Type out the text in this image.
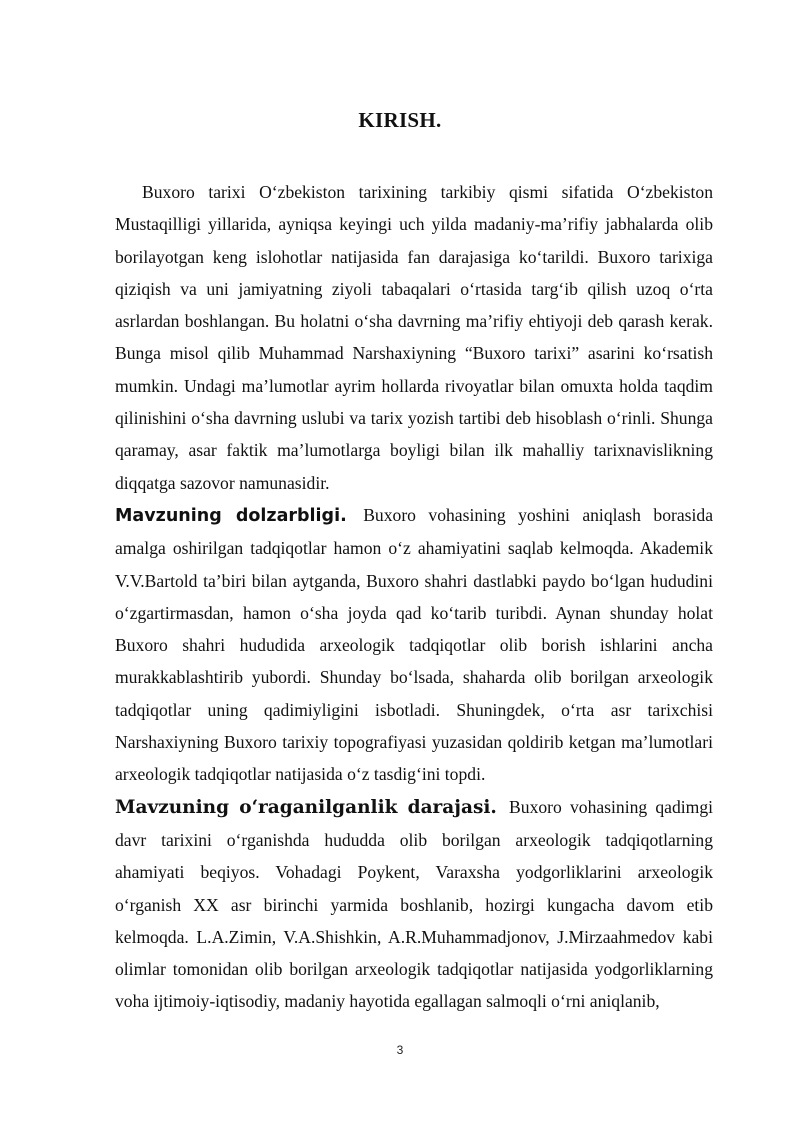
KIRISH.

Buxoro tarixi O‘zbekiston tarixining tarkibiy qismi sifatida O‘zbekiston Mustaqilligi yillarida, ayniqsa keyingi uch yilda madaniy-ma’rifiy jabhalarda olib borilayotgan keng islohotlar natijasida fan darajasiga ko‘tarildi. Buxoro tarixiga qiziqish va uni jamiyatning ziyoli tabaqalari o‘rtasida targ‘ib qilish uzoq o‘rta asrlardan boshlangan. Bu holatni o‘sha davrning ma’rifiy ehtiyoji deb qarash kerak. Bunga misol qilib Muhammad Narshaxiyning “Buxoro tarixi” asarini ko‘rsatish mumkin. Undagi ma’lumotlar ayrim hollarda rivoyatlar bilan omuxta holda taqdim qilinishini o‘sha davrning uslubi va tarix yozish tartibi deb hisoblash o‘rinli. Shunga qaramay, asar faktik ma’lumotlarga boyligi bilan ilk mahalliy tarixnavislikning diqqatga sazovor namunasidir.

Mavzuning dolzarbligi. Buxoro vohasining yoshini aniqlash borasida amalga oshirilgan tadqiqotlar hamon o‘z ahamiyatini saqlab kelmoqda. Akademik V.V.Bartold ta’biri bilan aytganda, Buxoro shahri dastlabki paydo bo‘lgan hududini o‘zgartirmasdan, hamon o‘sha joyda qad ko‘tarib turibdi. Aynan shunday holat Buxoro shahri hududida arxeologik tadqiqotlar olib borish ishlarini ancha murakkablashtirib yubordi. Shunday bo‘lsada, shaharda olib borilgan arxeologik tadqiqotlar uning qadimiyligini isbotladi. Shuningdek, o‘rta asr tarixchisi Narshaxiyning Buxoro tarixiy topografiyasi yuzasidan qoldirib ketgan ma’lumotlari arxeologik tadqiqotlar natijasida o‘z tasdig‘ini topdi.

Mavzuning o‘raganilganlik darajasi. Buxoro vohasining qadimgi davr tarixini o‘rganishda hududda olib borilgan arxeologik tadqiqotlarning ahamiyati beqiyos. Vohadagi Poykent, Varaxsha yodgorliklarini arxeologik o‘rganish XX asr birinchi yarmida boshlanib, hozirgi kungacha davom etib kelmoqda. L.A.Zimin, V.A.Shishkin, A.R.Muhammadjonov, J.Mirzaahmedov kabi olimlar tomonidan olib borilgan arxeologik tadqiqotlar natijasida yodgorliklarning voha ijtimoiy-iqtisodiy, madaniy hayotida egallagan salmoqli o‘rni aniqlanib,

3
